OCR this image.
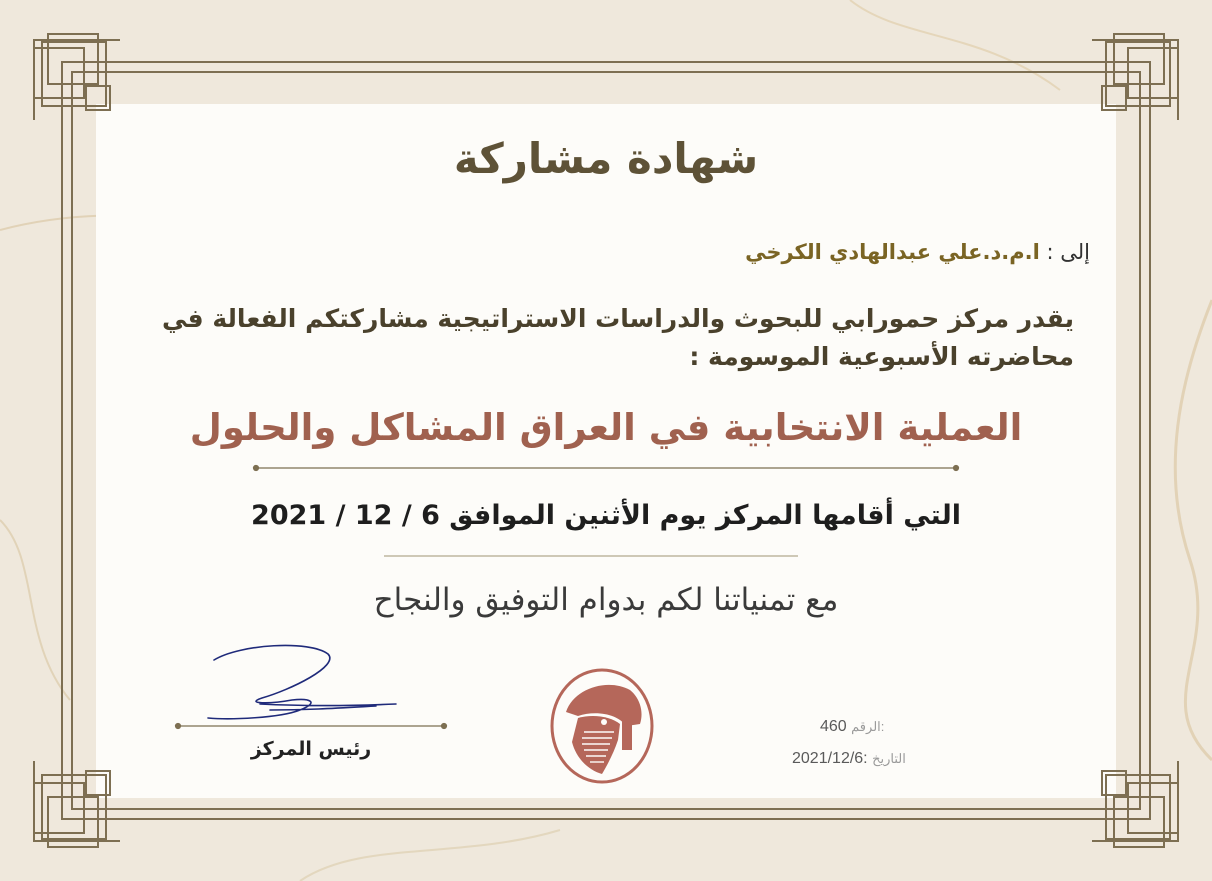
شهادة مشاركة
إلى : ا.م.د.علي عبدالهادي الكرخي
يقدر مركز حمورابي للبحوث والدراسات الاستراتيجية مشاركتكم الفعالة في محاضرته الأسبوعية الموسومة :
العملية الانتخابية في العراق المشاكل والحلول
التي أقامها المركز يوم الأثنين الموافق 6 / 12 / 2021
مع تمنياتنا لكم بدوام التوفيق والنجاح
رئيس المركز
460 الرقم:
2021/12/6: التاريخ
